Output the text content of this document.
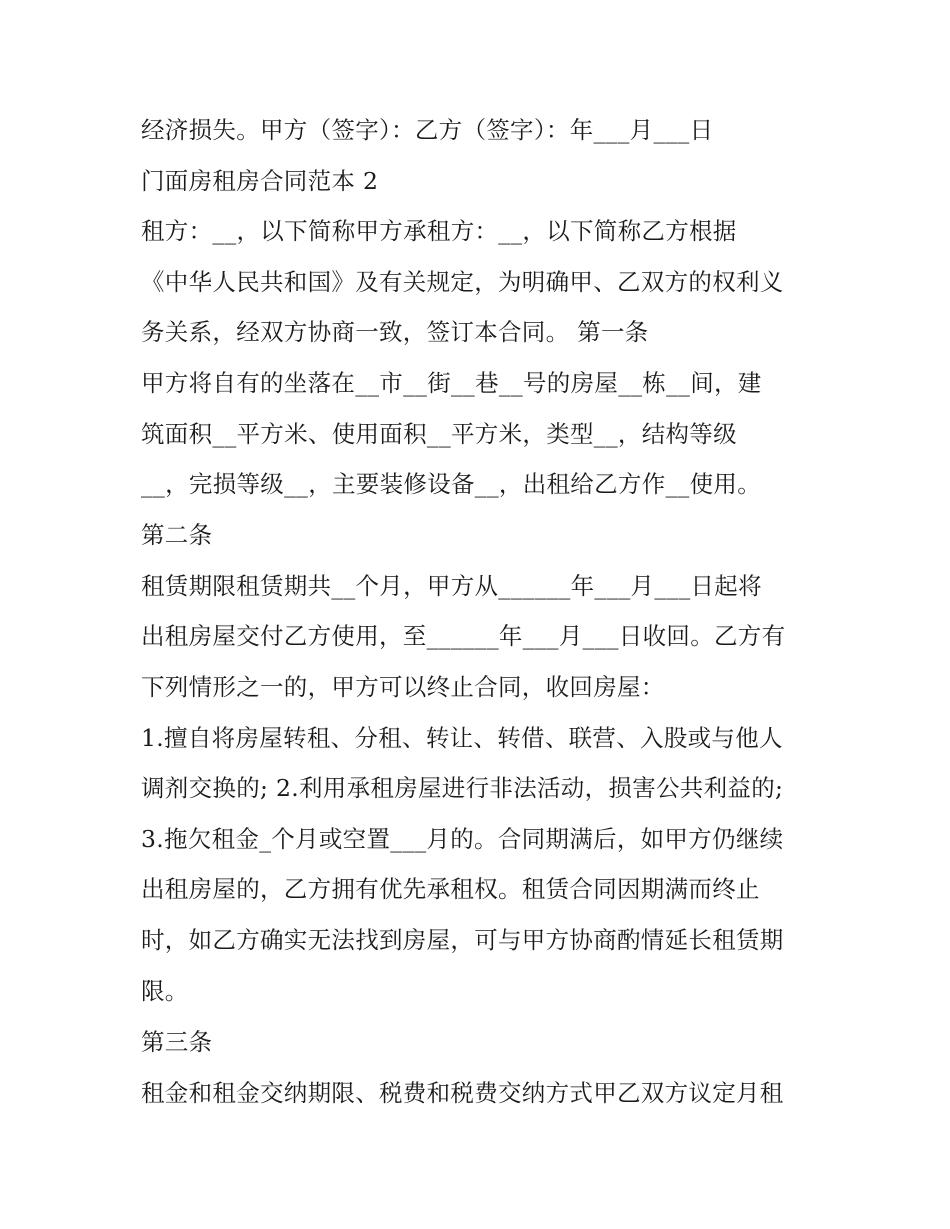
经济损失。甲方（签字）：乙方（签字）：年___月___日
门面房租房合同范本 2
租方：__，以下简称甲方承租方：__，以下简称乙方根据
《中华人民共和国》及有关规定，为明确甲、乙双方的权利义
务关系，经双方协商一致，签订本合同。 第一条
甲方将自有的坐落在__市__街__巷__号的房屋__栋__间，建
筑面积__平方米、使用面积__平方米，类型__，结构等级
__，完损等级__，主要装修设备__，出租给乙方作__使用。
第二条
租赁期限租赁期共__个月，甲方从______年___月___日起将
出租房屋交付乙方使用，至______年___月___日收回。乙方有
下列情形之一的，甲方可以终止合同，收回房屋：
1.擅自将房屋转租、分租、转让、转借、联营、入股或与他人
调剂交换的; 2.利用承租房屋进行非法活动，损害公共利益的;
3.拖欠租金_个月或空置___月的。合同期满后，如甲方仍继续
出租房屋的，乙方拥有优先承租权。租赁合同因期满而终止
时，如乙方确实无法找到房屋，可与甲方协商酌情延长租赁期
限。
第三条
租金和租金交纳期限、税费和税费交纳方式甲乙双方议定月租
